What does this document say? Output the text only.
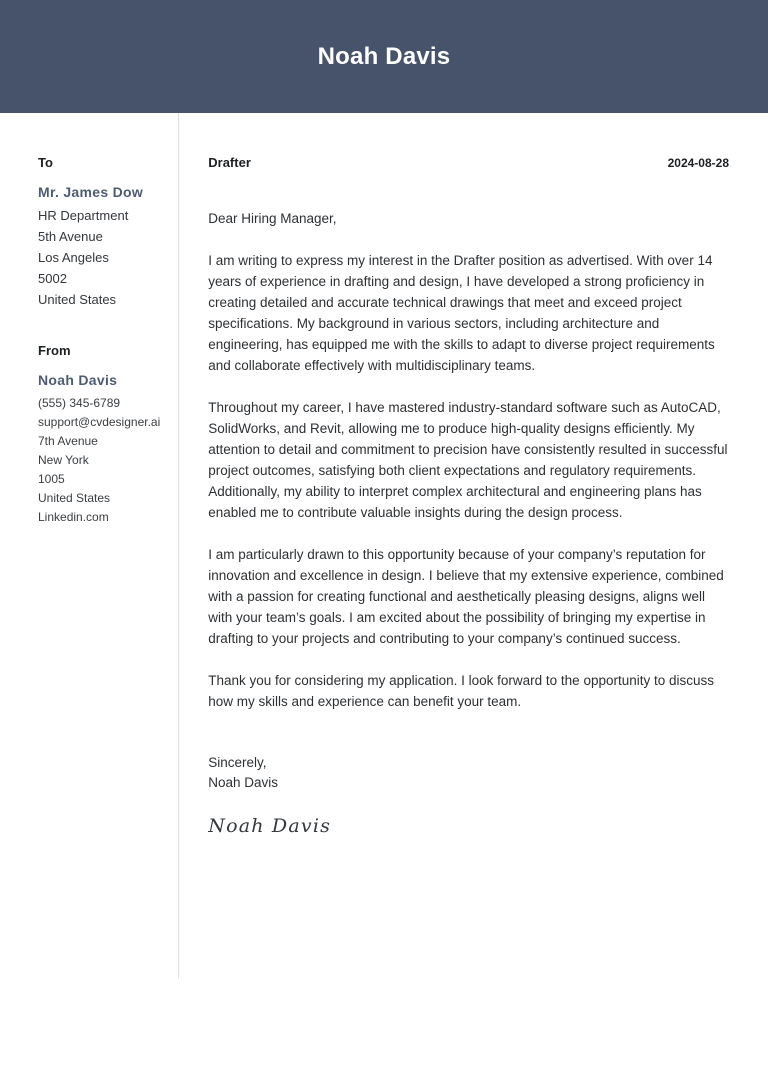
Noah Davis
To
Mr. James Dow
HR Department
5th Avenue
Los Angeles
5002
United States
From
Noah Davis
(555) 345-6789
support@cvdesigner.ai
7th Avenue
New York
1005
United States
Linkedin.com
Drafter	2024-08-28
Dear Hiring Manager,

I am writing to express my interest in the Drafter position as advertised. With over 14 years of experience in drafting and design, I have developed a strong proficiency in creating detailed and accurate technical drawings that meet and exceed project specifications. My background in various sectors, including architecture and engineering, has equipped me with the skills to adapt to diverse project requirements and collaborate effectively with multidisciplinary teams.

Throughout my career, I have mastered industry-standard software such as AutoCAD, SolidWorks, and Revit, allowing me to produce high-quality designs efficiently. My attention to detail and commitment to precision have consistently resulted in successful project outcomes, satisfying both client expectations and regulatory requirements. Additionally, my ability to interpret complex architectural and engineering plans has enabled me to contribute valuable insights during the design process.

I am particularly drawn to this opportunity because of your company’s reputation for innovation and excellence in design. I believe that my extensive experience, combined with a passion for creating functional and aesthetically pleasing designs, aligns well with your team’s goals. I am excited about the possibility of bringing my expertise in drafting to your projects and contributing to your company’s continued success.

Thank you for considering my application. I look forward to the opportunity to discuss how my skills and experience can benefit your team.

Sincerely,
Noah Davis
Noah Davis
